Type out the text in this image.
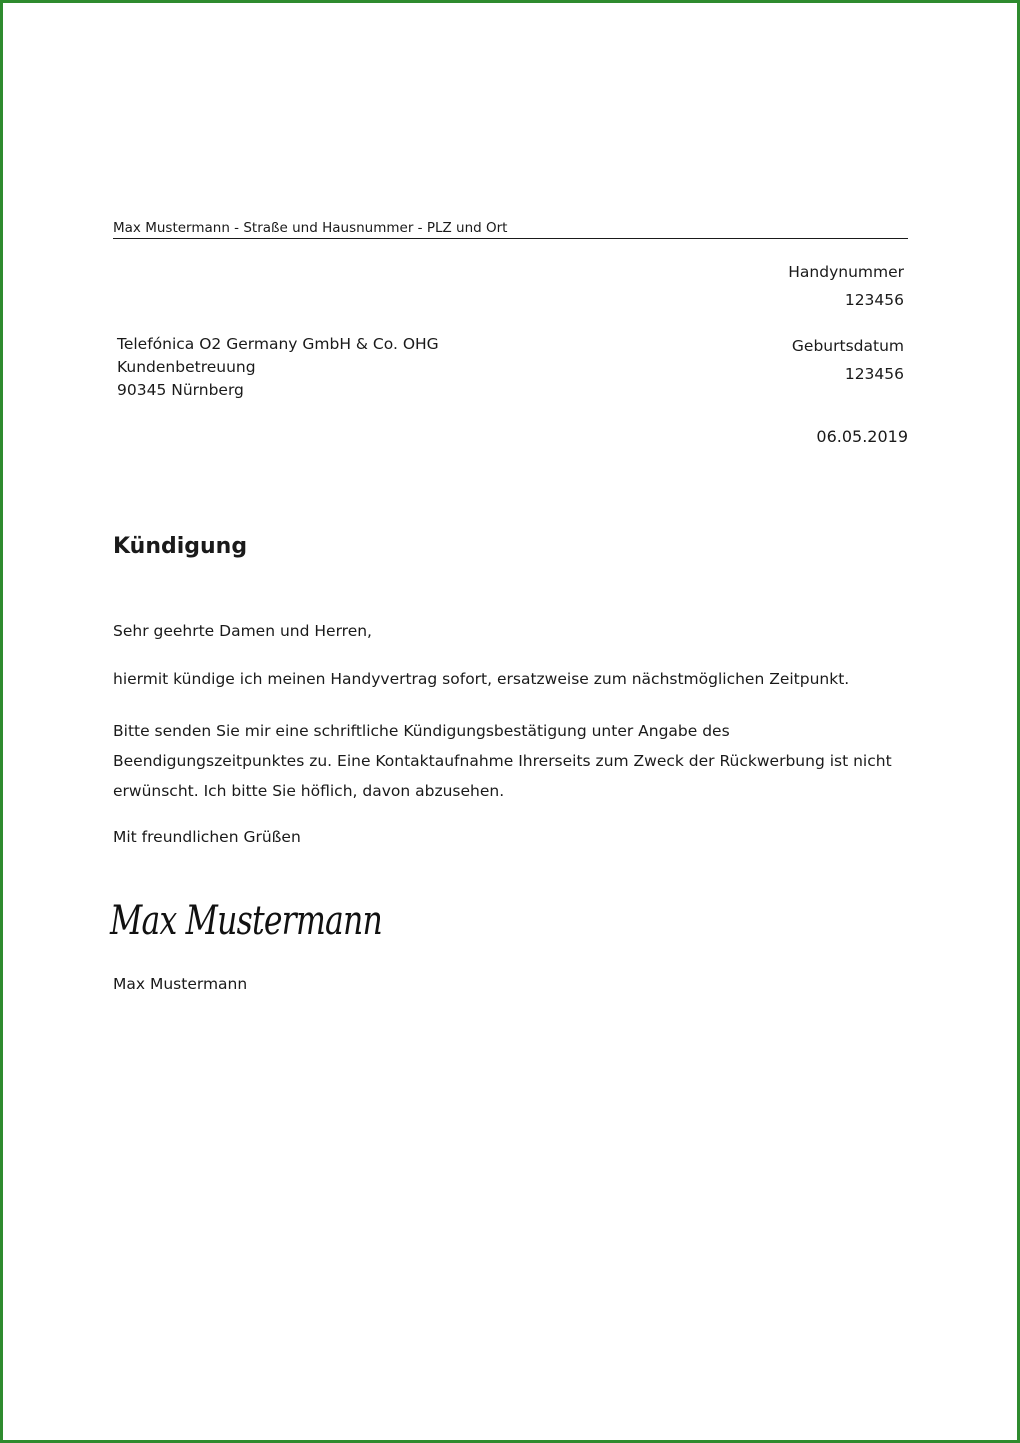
Max Mustermann - Straße und Hausnummer - PLZ und Ort
Handynummer
123456
Telefónica O2 Germany GmbH & Co. OHG
Kundenbetreuung
90345 Nürnberg
Geburtsdatum
123456
06.05.2019
Kündigung
Sehr geehrte Damen und Herren,
hiermit kündige ich meinen Handyvertrag sofort, ersatzweise zum nächstmöglichen Zeitpunkt.
Bitte senden Sie mir eine schriftliche Kündigungsbestätigung unter Angabe des
Beendigungszeitpunktes zu. Eine Kontaktaufnahme Ihrerseits zum Zweck der Rückwerbung ist nicht
erwünscht. Ich bitte Sie höflich, davon abzusehen.
Mit freundlichen Grüßen
Max Mustermann
Max Mustermann
